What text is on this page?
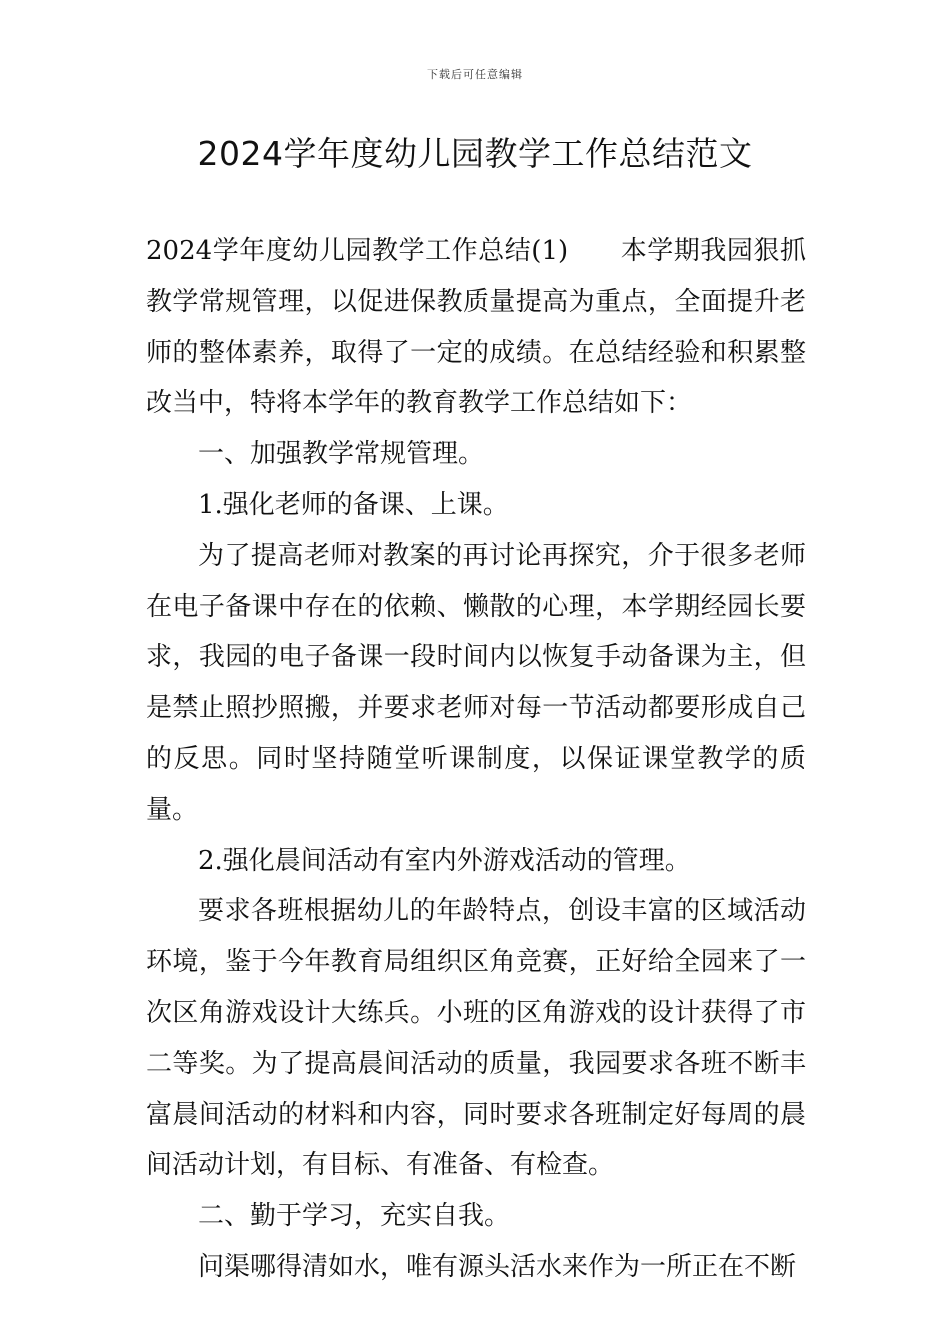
下载后可任意编辑
2024学年度幼儿园教学工作总结范文

2024学年度幼儿园教学工作总结(1) 本学期我园狠抓教学常规管理，以促进保教质量提高为重点，全面提升老师的整体素养，取得了一定的成绩。在总结经验和积累整改当中，特将本学年的教育教学工作总结如下：

一、加强教学常规管理。

1.强化老师的备课、上课。

为了提高老师对教案的再讨论再探究，介于很多老师在电子备课中存在的依赖、懒散的心理，本学期经园长要求，我园的电子备课一段时间内以恢复手动备课为主，但是禁止照抄照搬，并要求老师对每一节活动都要形成自己的反思。同时坚持随堂听课制度，以保证课堂教学的质量。

2.强化晨间活动有室内外游戏活动的管理。

要求各班根据幼儿的年龄特点，创设丰富的区域活动环境，鉴于今年教育局组织区角竞赛，正好给全园来了一次区角游戏设计大练兵。小班的区角游戏的设计获得了市二等奖。为了提高晨间活动的质量，我园要求各班不断丰富晨间活动的材料和内容，同时要求各班制定好每周的晨间活动计划，有目标、有准备、有检查。

二、勤于学习，充实自我。

问渠哪得清如水，唯有源头活水来作为一所正在不断
